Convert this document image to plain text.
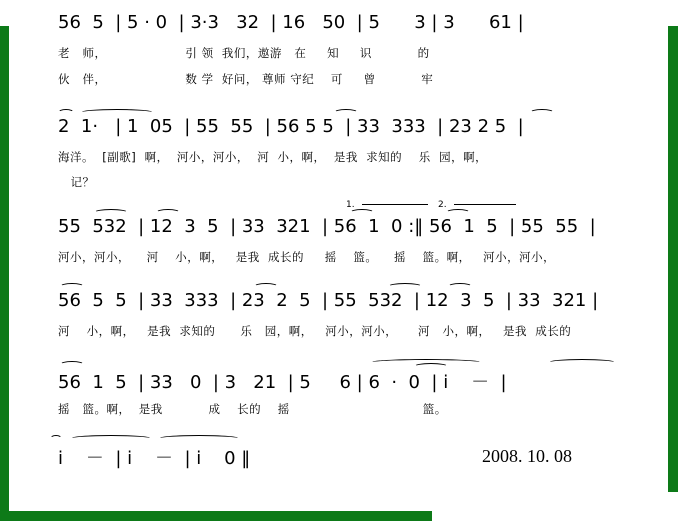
56  5  | 5 · 0  | 3·3   32  | 16   50  | 5      3 | 3      61 |
老   师，                   引 领  我们，遨游   在     知     识           的
伙   伴，                   数 学  好问， 尊师 守纪    可     曾           牢
2  1·   | 1  05  | 55  55  | 56 5 5  | 33  333  | 23 2 5  |
海洋。  [副歌]  啊，  河小，河小，  河  小，啊，  是我  求知的    乐  园，啊，
记？
1.	2.
55  532  | 12  3  5  | 33  321  | 56  1  0 :‖ 56  1  5  | 55  55  |
河小，河小，    河    小，啊，   是我  成长的     摇    篮。    摇    篮。啊，   河小，河小，
56  5  5  | 33  333  | 23  2  5  | 55  532  | 12  3  5  | 33  321 |
河    小，啊，   是我  求知的      乐   园，啊，   河小，河小，     河   小，啊，   是我  成长的
56  1  5  | 33   0  | 3   21  | 5     6 | 6  ·  0  | i    －  |
摇   篮。啊，  是我           成    长的    摇                                篮。
i    －  | i    －  | i    0 ‖	2008. 10. 08
